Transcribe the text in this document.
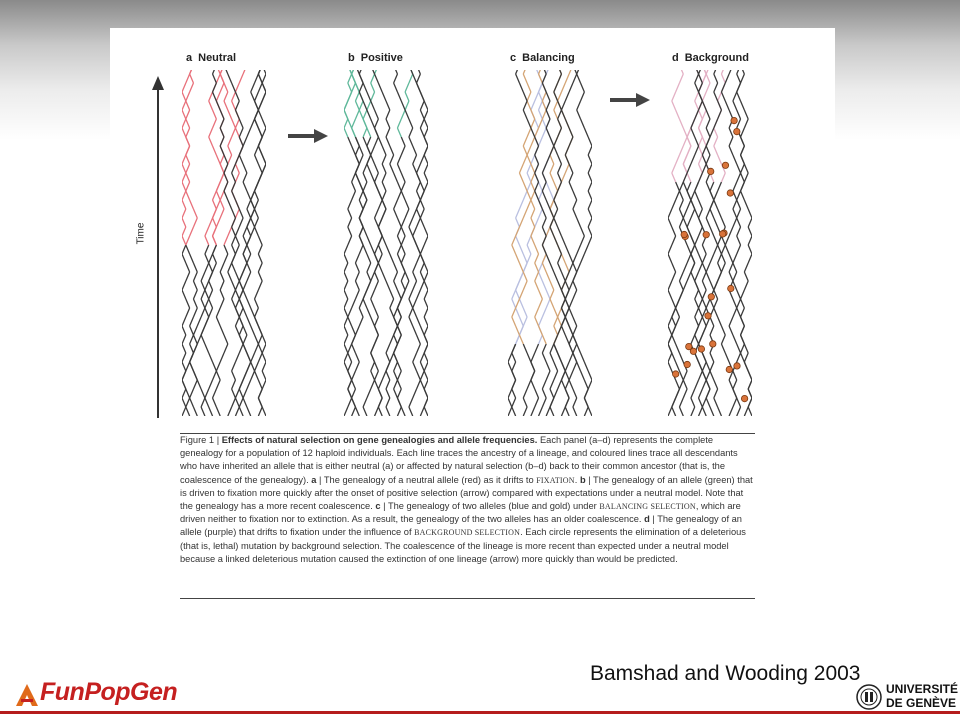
Time
a Neutral	b Positive	c Balancing	d Background
Figure 1 | Effects of natural selection on gene genealogies and allele frequencies. Each panel (a–d) represents the complete genealogy for a population of 12 haploid individuals. Each line traces the ancestry of a lineage, and coloured lines trace all descendants who have inherited an allele that is either neutral (a) or affected by natural selection (b–d) back to their common ancestor (that is, the coalescence of the genealogy). a | The genealogy of a neutral allele (red) as it drifts to FIXATION. b | The genealogy of an allele (green) that is driven to fixation more quickly after the onset of positive selection (arrow) compared with expectations under a neutral model. Note that the genealogy has a more recent coalescence. c | The genealogy of two alleles (blue and gold) under BALANCING SELECTION, which are driven neither to fixation nor to extinction. As a result, the genealogy of the two alleles has an older coalescence. d | The genealogy of an allele (purple) that drifts to fixation under the influence of BACKGROUND SELECTION. Each circle represents the elimination of a deleterious (that is, lethal) mutation by background selection. The coalescence of the lineage is more recent than expected under a neutral model because a linked deleterious mutation caused the extinction of one lineage (arrow) more quickly than would be predicted.
Bamshad and Wooding 2003
FunPopGen	UNIVERSITÉ
DE GENÈVE
